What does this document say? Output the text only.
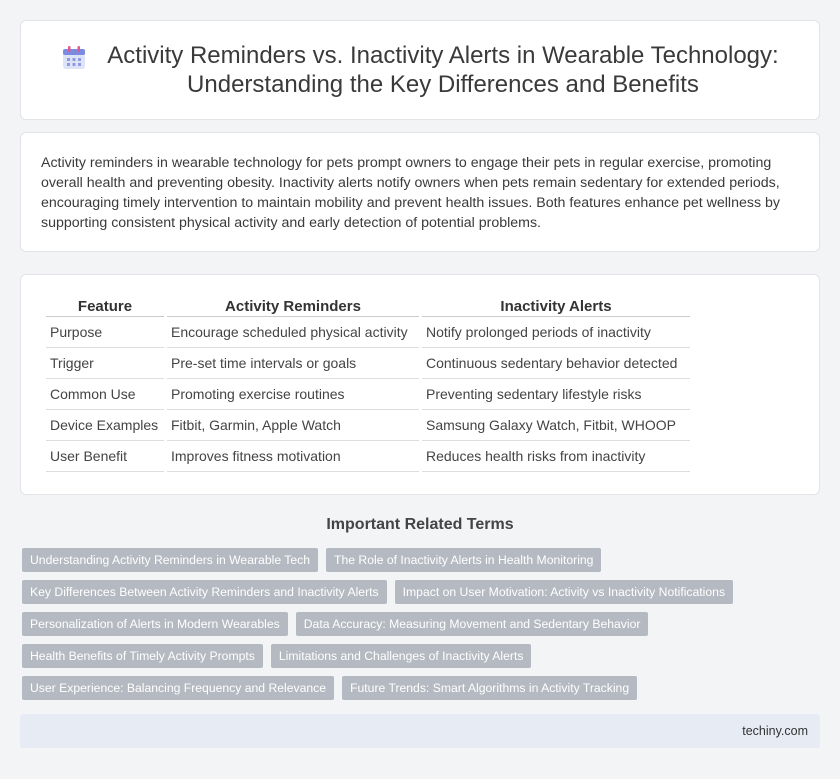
Activity Reminders vs. Inactivity Alerts in Wearable Technology:
Understanding the Key Differences and Benefits

Activity reminders in wearable technology for pets prompt owners to engage their pets in regular exercise, promoting overall health and preventing obesity. Inactivity alerts notify owners when pets remain sedentary for extended periods, encouraging timely intervention to maintain mobility and prevent health issues. Both features enhance pet wellness by supporting consistent physical activity and early detection of potential problems.

Feature	Activity Reminders	Inactivity Alerts
Purpose	Encourage scheduled physical activity	Notify prolonged periods of inactivity
Trigger	Pre-set time intervals or goals	Continuous sedentary behavior detected
Common Use	Promoting exercise routines	Preventing sedentary lifestyle risks
Device Examples	Fitbit, Garmin, Apple Watch	Samsung Galaxy Watch, Fitbit, WHOOP
User Benefit	Improves fitness motivation	Reduces health risks from inactivity
Important Related Terms
Understanding Activity Reminders in Wearable Tech	The Role of Inactivity Alerts in Health Monitoring
Key Differences Between Activity Reminders and Inactivity Alerts	Impact on User Motivation: Activity vs Inactivity Notifications
Personalization of Alerts in Modern Wearables	Data Accuracy: Measuring Movement and Sedentary Behavior
Health Benefits of Timely Activity Prompts	Limitations and Challenges of Inactivity Alerts
User Experience: Balancing Frequency and Relevance	Future Trends: Smart Algorithms in Activity Tracking
techiny.com
